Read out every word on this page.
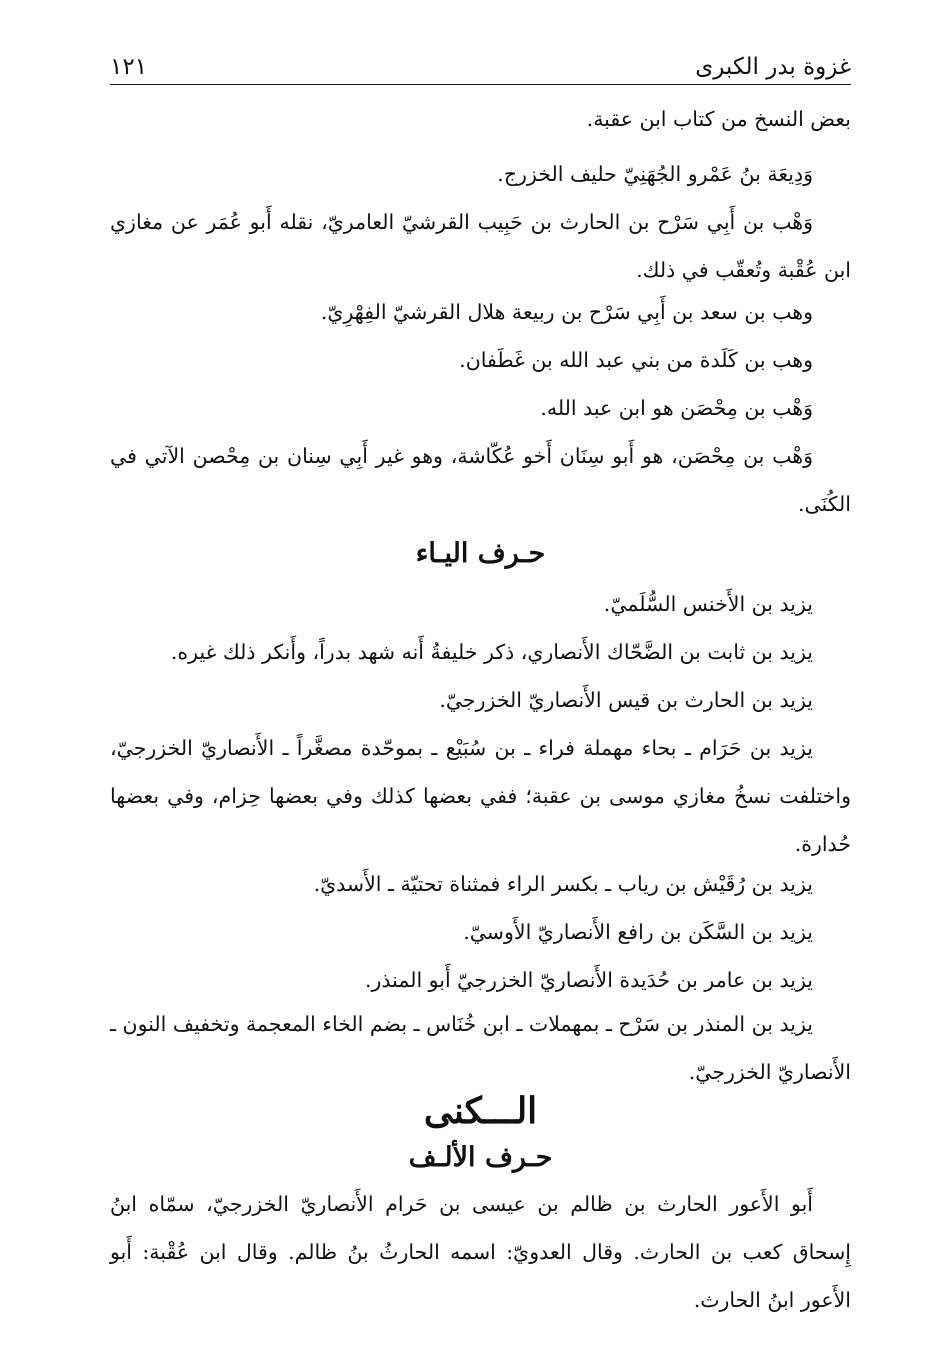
غزوة بدر الكبرى
١٢١
بعض النسخ من كتاب ابن عقبة.
وَدِيعَة بنُ عَمْرو الجُهَنِيّ حليف الخزرج.
وَهْب بن أَبِي سَرْح بن الحارث بن حَبِيب القرشيّ العامريّ، نقله أَبو عُمَر عن مغازي ابن عُقْبة وتُعقّب في ذلك.
وهب بن سعد بن أَبِي سَرْح بن ربيعة هلال القرشيّ الفِهْرِيّ.
وهب بن كَلَدة من بني عبد الله بن غَطَفان.
وَهْب بن مِحْصَن هو ابن عبد الله.
وَهْب بن مِحْصَن، هو أَبو سِنَان أَخو عُكّاشة، وهو غير أَبِي سِنان بن مِحْصن الآتي في الكُنَى.
حـرف اليـاء
يزيد بن الأَخنس السُّلَميّ.
يزيد بن ثابت بن الضَّحّاك الأَنصاري، ذكر خليفةُ أَنه شهد بدراً، وأَنكر ذلك غيره.
يزيد بن الحارث بن قيس الأَنصاريّ الخزرجيّ.
يزيد بن حَرَام ـ بحاء مهملة فراء ـ بن سُبَيْع ـ بموحّدة مصغَّراً ـ الأَنصاريّ الخزرجيّ، واختلفت نسخُ مغازي موسى بن عقبة؛ ففي بعضها كذلك وفي بعضها حِزام، وفي بعضها حُدارة.
يزيد بن رُقَيْش بن رياب ـ بكسر الراء فمثناة تحتيّة ـ الأَسديّ.
يزيد بن السَّكَن بن رافع الأَنصاريّ الأَوسيّ.
يزيد بن عامر بن حُدَيدة الأَنصاريّ الخزرجيّ أَبو المنذر.
يزيد بن المنذر بن سَرْح ـ بمهملات ـ ابن خُنَاس ـ بضم الخاء المعجمة وتخفيف النون ـ الأَنصاريّ الخزرجيّ.
الـــكنى
حـرف الألـف
أَبو الأَعور الحارث بن ظالم بن عيسى بن حَرام الأَنصاريّ الخزرجيّ، سمّاه ابنُ إِسحاق كعب بن الحارث. وقال العدويّ: اسمه الحارثُ بنُ ظالم. وقال ابن عُقْبة: أَبو الأَعور ابنُ الحارث.
